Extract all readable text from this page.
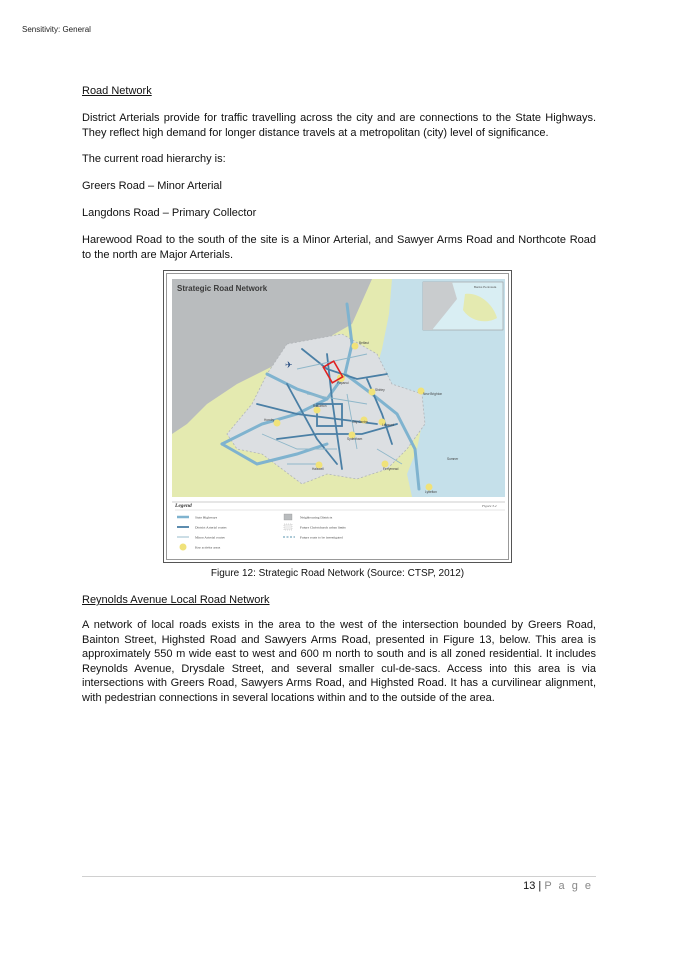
Sensitivity: General
Road Network
District Arterials provide for traffic travelling across the city and are connections to the State Highways. They reflect high demand for longer distance travels at a metropolitan (city) level of significance.
The current road hierarchy is:
Greers Road – Minor Arterial
Langdons Road – Primary Collector
Harewood Road to the south of the site is a Minor Arterial, and Sawyer Arms Road and Northcote Road to the north are Major Arterials.
Reynolds Avenue Local Road Network
A network of local roads exists in the area to the west of the intersection bounded by Greers Road, Bainton Street, Highsted Road and Sawyers Arms Road, presented in Figure 13, below. This area is approximately 550 m wide east to west and 600 m north to south and is all zoned residential. It includes Reynolds Avenue, Drysdale Street, and several smaller cul-de-sacs. Access into this area is via intersections with Greers Road, Sawyers Arms Road, and Highsted Road. It has a curvilinear alignment, with pedestrian connections in several locations within and to the outside of the area.
Banks Peninsula
✈
Belfast
Papanui
Shirley
New Brighton
Riccarton
City Centre
Linwood
Hornby
Sydenham
Ferrymead
Halswell
Lyttelton
Sumner
Strategic Road Network
Legend	Figure 3.2
State Highways
District Arterial routes
Minor Arterial routes
Key activity areas
Neighbouring Districts
Future Christchurch urban limits
Future route to be investigated
Figure 12: Strategic Road Network (Source: CTSP, 2012)
13 | P a g e
